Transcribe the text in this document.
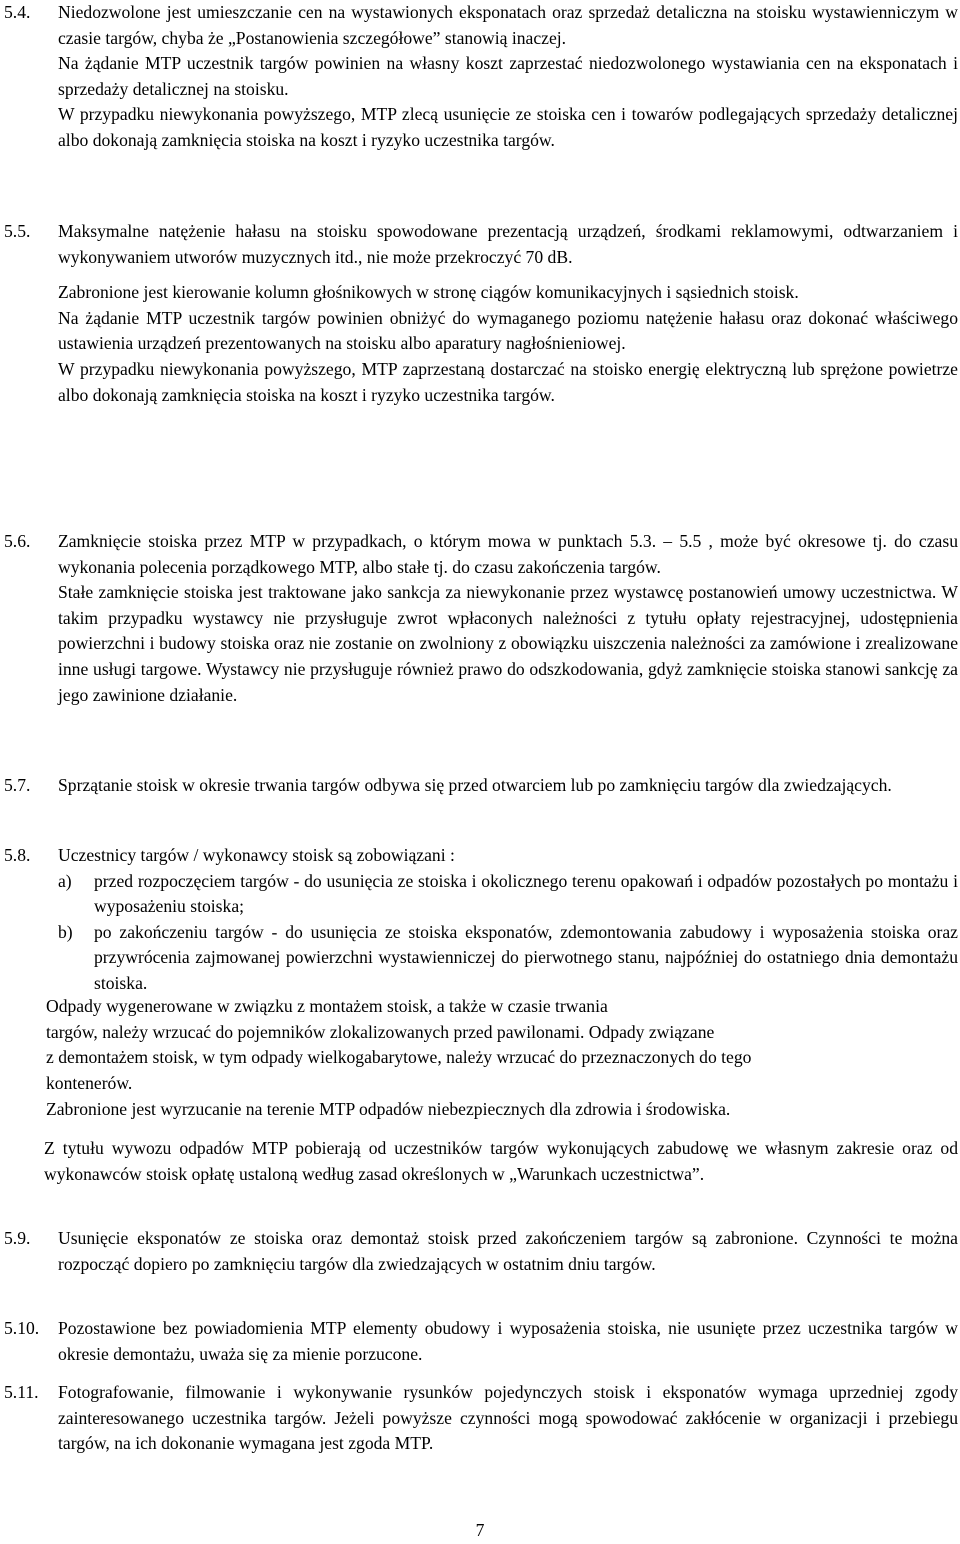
5.4. Niedozwolone jest umieszczanie cen na wystawionych eksponatach oraz sprzedaż detaliczna na stoisku wystawienniczym w czasie targów, chyba że „Postanowienia szczegółowe” stanowią inaczej.

Na żądanie MTP uczestnik targów powinien na własny koszt zaprzestać niedozwolonego wystawiania cen na eksponatach i sprzedaży detalicznej na stoisku.

W przypadku niewykonania powyższego, MTP zlecą usunięcie ze stoiska cen i towarów podlegających sprzedaży detalicznej albo dokonają zamknięcia stoiska na koszt i ryzyko uczestnika targów.

5.5. Maksymalne natężenie hałasu na stoisku spowodowane prezentacją urządzeń, środkami reklamowymi, odtwarzaniem i wykonywaniem utworów muzycznych itd., nie może przekroczyć 70 dB.

Zabronione jest kierowanie kolumn głośnikowych w stronę ciągów komunikacyjnych i sąsiednich stoisk.

Na żądanie MTP uczestnik targów powinien obniżyć do wymaganego poziomu natężenie hałasu oraz dokonać właściwego ustawienia urządzeń prezentowanych na stoisku albo aparatury nagłośnieniowej.

W przypadku niewykonania powyższego, MTP zaprzestaną dostarczać na stoisko energię elektryczną lub sprężone powietrze albo dokonają zamknięcia stoiska na koszt i ryzyko uczestnika targów.

5.6. Zamknięcie stoiska przez MTP w przypadkach, o którym mowa w punktach 5.3. – 5.5 , może być okresowe tj. do czasu wykonania polecenia porządkowego MTP, albo stałe tj. do czasu zakończenia targów.

Stałe zamknięcie stoiska jest traktowane jako sankcja za niewykonanie przez wystawcę postanowień umowy uczestnictwa. W takim przypadku wystawcy nie przysługuje zwrot wpłaconych należności z tytułu opłaty rejestracyjnej, udostępnienia powierzchni i budowy stoiska oraz nie zostanie on zwolniony z obowiązku uiszczenia należności za zamówione i zrealizowane inne usługi targowe. Wystawcy nie przysługuje również prawo do odszkodowania, gdyż zamknięcie stoiska stanowi sankcję za jego zawinione działanie.

5.7. Sprzątanie stoisk w okresie trwania targów odbywa się przed otwarciem lub po zamknięciu targów dla zwiedzających.

5.8. Uczestnicy targów / wykonawcy stoisk są zobowiązani :

a) przed rozpoczęciem targów - do usunięcia ze stoiska i okolicznego terenu opakowań i odpadów pozostałych po montażu i wyposażeniu stoiska;

b) po zakończeniu targów - do usunięcia ze stoiska eksponatów, zdemontowania zabudowy i wyposażenia stoiska oraz przywrócenia zajmowanej powierzchni wystawienniczej do pierwotnego stanu, najpóźniej do ostatniego dnia demontażu stoiska.

Odpady wygenerowane w związku z montażem stoisk, a także w czasie trwania
targów, należy wrzucać do pojemników zlokalizowanych przed pawilonami. Odpady związane
z demontażem stoisk, w tym odpady wielkogabarytowe, należy wrzucać do przeznaczonych do tego
kontenerów.
Zabronione jest wyrzucanie na terenie MTP odpadów niebezpiecznych dla zdrowia i środowiska.
Z tytułu wywozu odpadów MTP pobierają od uczestników targów wykonujących zabudowę we własnym zakresie oraz od wykonawców stoisk opłatę ustaloną według zasad określonych w „Warunkach uczestnictwa”.
5.9. Usunięcie eksponatów ze stoiska oraz demontaż stoisk przed zakończeniem targów są zabronione. Czynności te można rozpocząć dopiero po zamknięciu targów dla zwiedzających w ostatnim dniu targów.

5.10. Pozostawione bez powiadomienia MTP elementy obudowy i wyposażenia stoiska, nie usunięte przez uczestnika targów w okresie demontażu, uważa się za mienie porzucone.

5.11. Fotografowanie, filmowanie i wykonywanie rysunków pojedynczych stoisk i eksponatów wymaga uprzedniej zgody zainteresowanego uczestnika targów. Jeżeli powyższe czynności mogą spowodować zakłócenie w organizacji i przebiegu targów, na ich dokonanie wymagana jest zgoda MTP.

7
